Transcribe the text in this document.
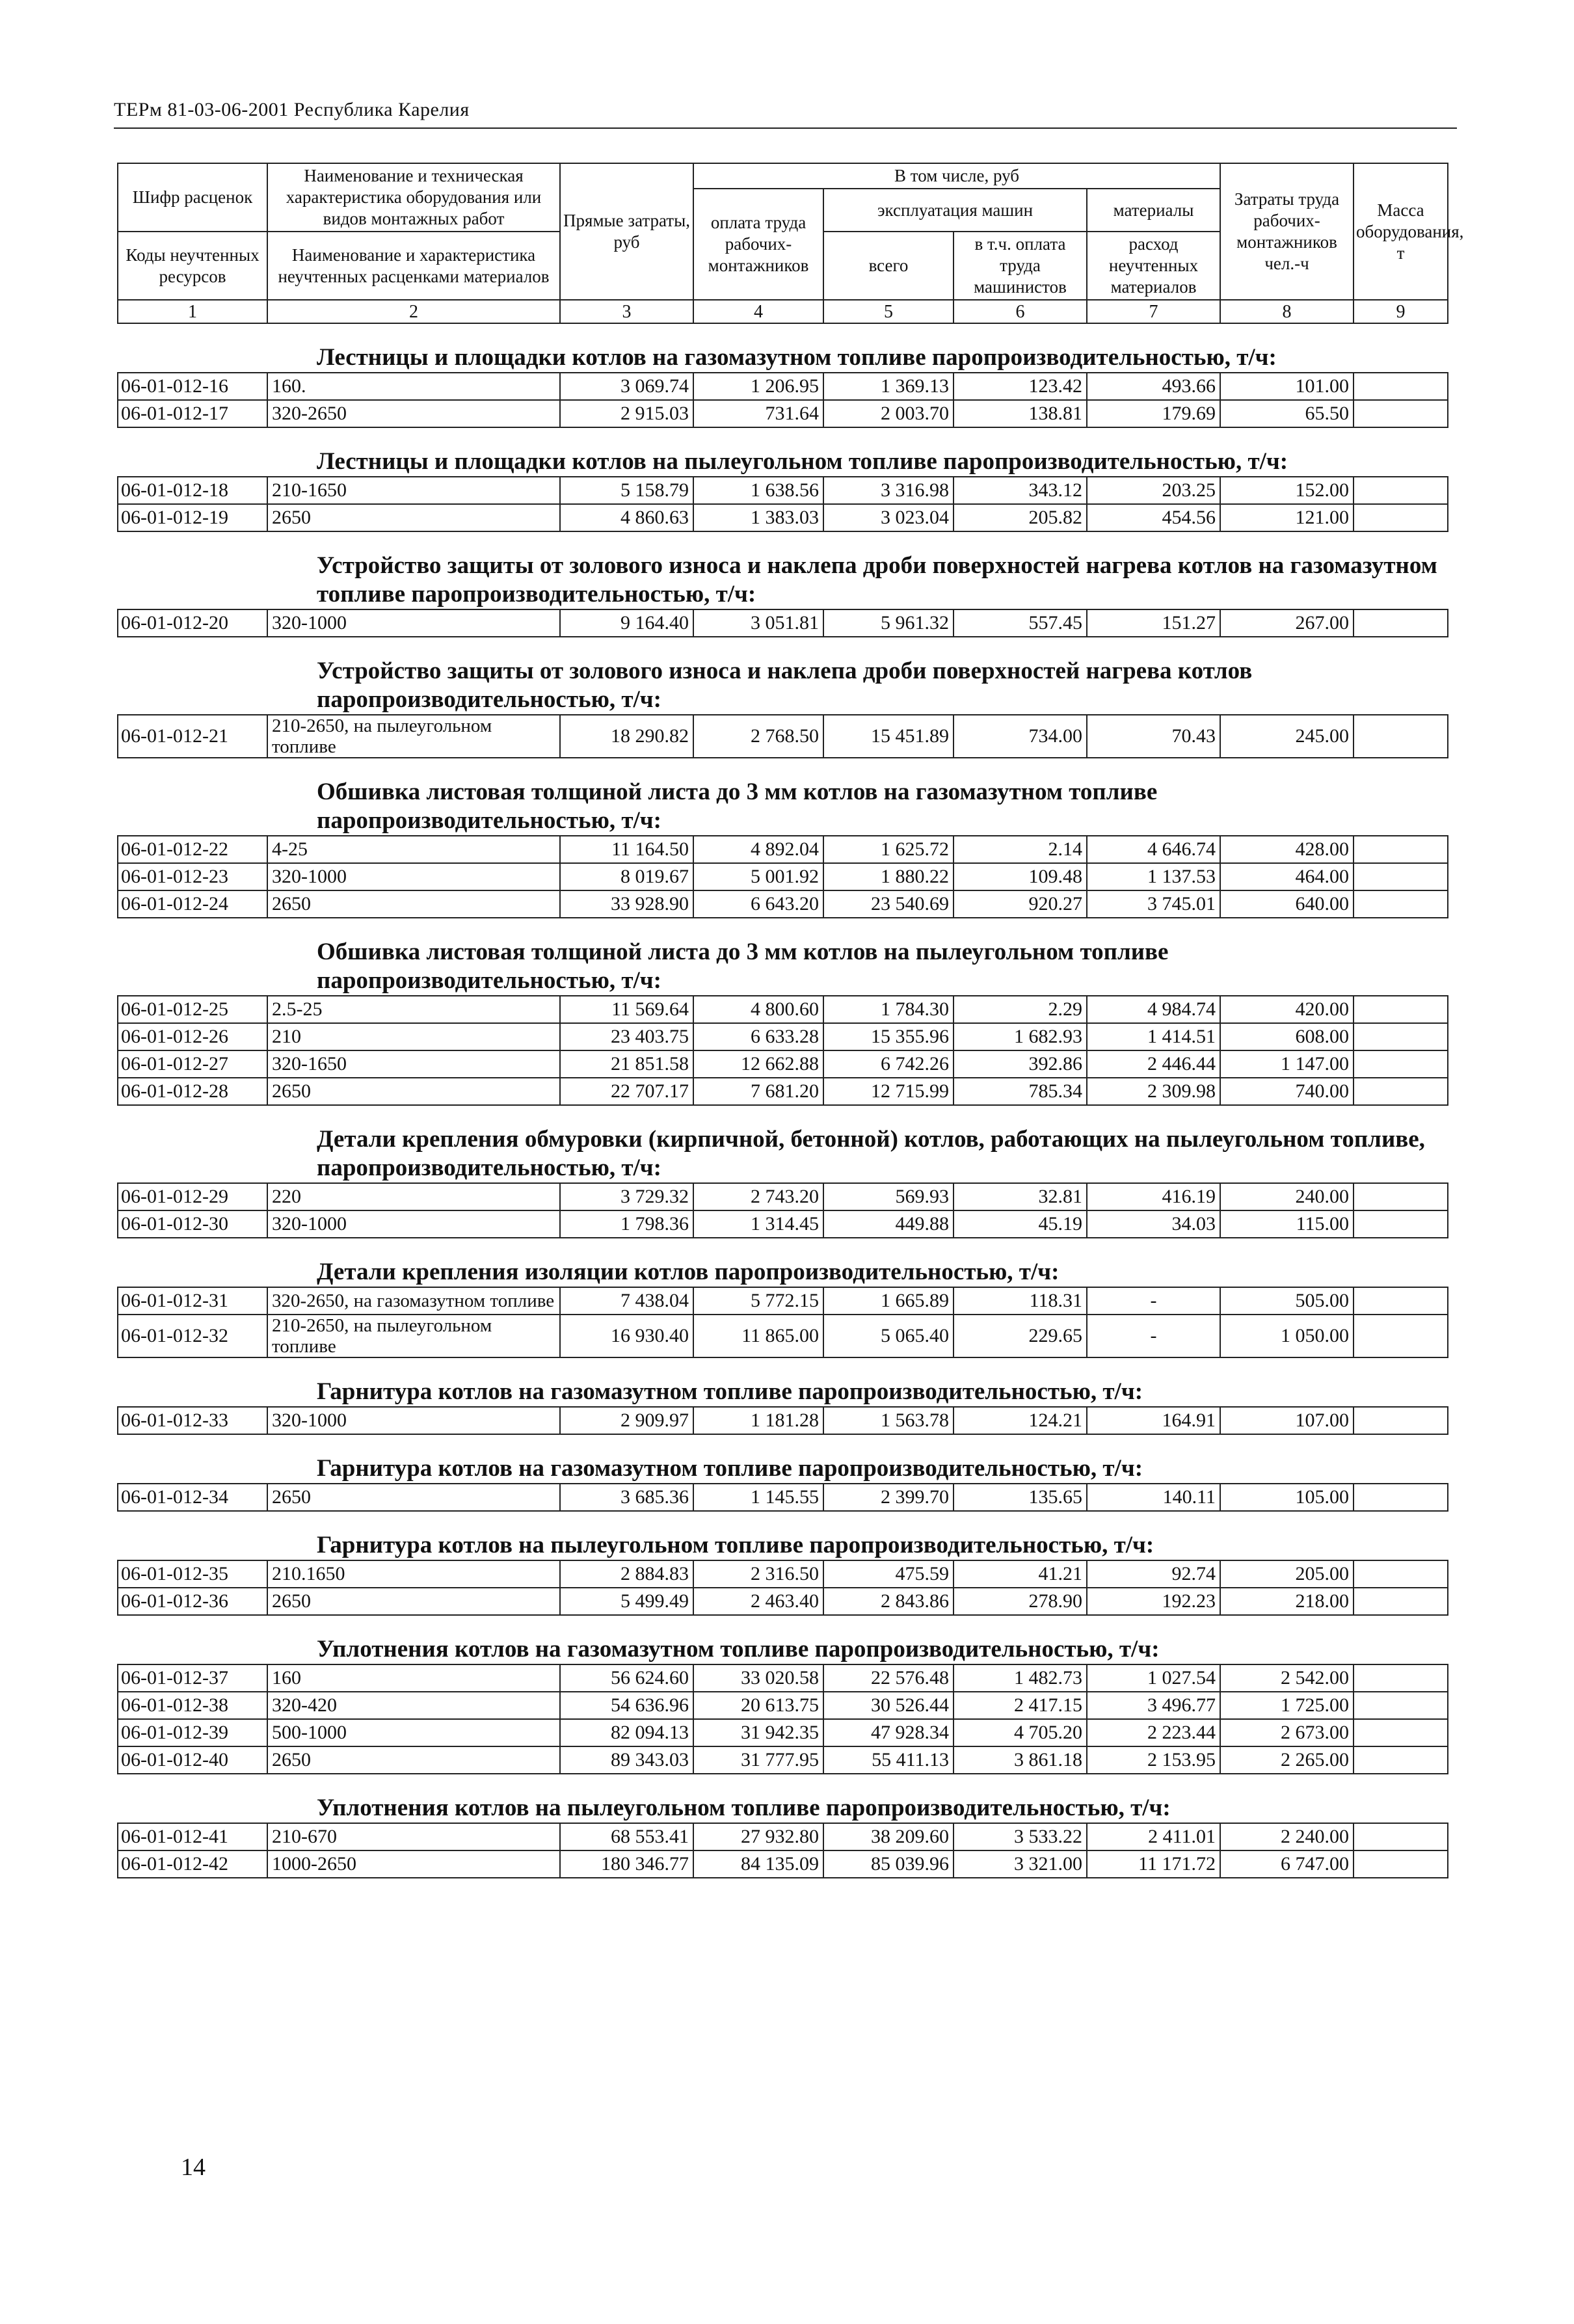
ТЕРм 81-03-06-2001 Республика Карелия
Шифр расценок	Наименование и техническая характеристика оборудования или видов монтажных работ	Прямые затраты, руб	В том числе, руб				Затраты труда рабочих-монтажников чел.-ч	Масса оборудования, т
			оплата труда рабочих-монтажников	эксплуатация машин		материалы		
Коды неучтенных ресурсов	Наименование и характеристика неучтенных расценками материалов			всего	в т.ч. оплата труда машинистов	расход неучтенных материалов		

1	2	3	4	5	6	7	8	9
Лестницы и площадки котлов на газомазутном топливе паропроизводительностью, т/ч:								
06-01-012-16	160.	3 069.74	1 206.95	1 369.13	123.42	493.66	101.00	
06-01-012-17	320-2650	2 915.03	731.64	2 003.70	138.81	179.69	65.50	
Лестницы и площадки котлов на пылеугольном топливе паропроизводительностью, т/ч:								
06-01-012-18	210-1650	5 158.79	1 638.56	3 316.98	343.12	203.25	152.00	
06-01-012-19	2650	4 860.63	1 383.03	3 023.04	205.82	454.56	121.00	
Устройство защиты от золового износа и наклепа дроби поверхностей нагрева котлов на газомазутном топливе паропроизводительностью, т/ч:								
06-01-012-20	320-1000	9 164.40	3 051.81	5 961.32	557.45	151.27	267.00	
Устройство защиты от золового износа и наклепа дроби поверхностей нагрева котлов паропроизводительностью, т/ч:								
06-01-012-21	210-2650, на пылеугольном топливе	18 290.82	2 768.50	15 451.89	734.00	70.43	245.00	
Обшивка листовая толщиной листа до 3 мм котлов на газомазутном топливе паропроизводительностью, т/ч:								
06-01-012-22	4-25	11 164.50	4 892.04	1 625.72	2.14	4 646.74	428.00	
06-01-012-23	320-1000	8 019.67	5 001.92	1 880.22	109.48	1 137.53	464.00	
06-01-012-24	2650	33 928.90	6 643.20	23 540.69	920.27	3 745.01	640.00	
Обшивка листовая толщиной листа до 3 мм котлов на пылеугольном топливе паропроизводительностью, т/ч:								
06-01-012-25	2.5-25	11 569.64	4 800.60	1 784.30	2.29	4 984.74	420.00	
06-01-012-26	210	23 403.75	6 633.28	15 355.96	1 682.93	1 414.51	608.00	
06-01-012-27	320-1650	21 851.58	12 662.88	6 742.26	392.86	2 446.44	1 147.00	
06-01-012-28	2650	22 707.17	7 681.20	12 715.99	785.34	2 309.98	740.00	
Детали крепления обмуровки (кирпичной, бетонной) котлов, работающих на пылеугольном топливе, паропроизводительностью, т/ч:								
06-01-012-29	220	3 729.32	2 743.20	569.93	32.81	416.19	240.00	
06-01-012-30	320-1000	1 798.36	1 314.45	449.88	45.19	34.03	115.00	
Детали крепления изоляции котлов паропроизводительностью, т/ч:								
06-01-012-31	320-2650, на газомазутном топливе	7 438.04	5 772.15	1 665.89	118.31	-	505.00	
06-01-012-32	210-2650, на пылеугольном топливе	16 930.40	11 865.00	5 065.40	229.65	-	1 050.00	
Гарнитура котлов на газомазутном топливе паропроизводительностью, т/ч:								
06-01-012-33	320-1000	2 909.97	1 181.28	1 563.78	124.21	164.91	107.00	
Гарнитура котлов на газомазутном топливе паропроизводительностью, т/ч:								
06-01-012-34	2650	3 685.36	1 145.55	2 399.70	135.65	140.11	105.00	
Гарнитура котлов на пылеугольном топливе паропроизводительностью, т/ч:								
06-01-012-35	210.1650	2 884.83	2 316.50	475.59	41.21	92.74	205.00	
06-01-012-36	2650	5 499.49	2 463.40	2 843.86	278.90	192.23	218.00	
Уплотнения котлов на газомазутном топливе паропроизводительностью, т/ч:								
06-01-012-37	160	56 624.60	33 020.58	22 576.48	1 482.73	1 027.54	2 542.00	
06-01-012-38	320-420	54 636.96	20 613.75	30 526.44	2 417.15	3 496.77	1 725.00	
06-01-012-39	500-1000	82 094.13	31 942.35	47 928.34	4 705.20	2 223.44	2 673.00	
06-01-012-40	2650	89 343.03	31 777.95	55 411.13	3 861.18	2 153.95	2 265.00	
Уплотнения котлов на пылеугольном топливе паропроизводительностью, т/ч:								
06-01-012-41	210-670	68 553.41	27 932.80	38 209.60	3 533.22	2 411.01	2 240.00	
06-01-012-42	1000-2650	180 346.77	84 135.09	85 039.96	3 321.00	11 171.72	6 747.00	
14
